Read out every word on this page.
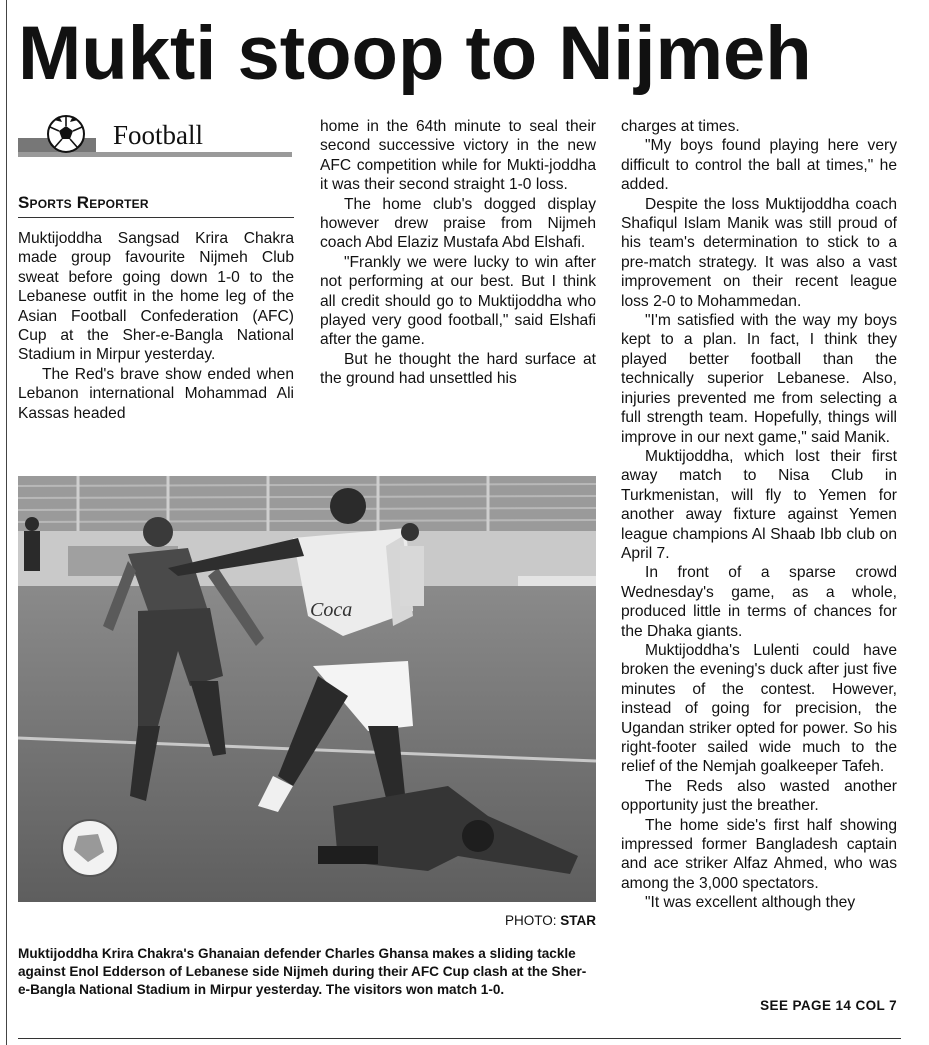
Mukti stoop to Nijmeh
Football
Sports Reporter

Muktijoddha Sangsad Krira Chakra made group favourite Nijmeh Club sweat before going down 1-0 to the Lebanese outfit in the home leg of the Asian Football Confederation (AFC) Cup at the Sher-e-Bangla National Stadium in Mirpur yesterday.

The Red's brave show ended when Lebanon international Mohammad Ali Kassas headed

home in the 64th minute to seal their second successive victory in the new AFC competition while for Mukti-joddha it was their second straight 1-0 loss.

The home club's dogged display however drew praise from Nijmeh coach Abd Elaziz Mustafa Abd Elshafi.

"Frankly we were lucky to win after not performing at our best. But I think all credit should go to Muktijoddha who played very good football," said Elshafi after the game.

But he thought the hard surface at the ground had unsettled his

charges at times.

"My boys found playing here very difficult to control the ball at times," he added.

Despite the loss Muktijoddha coach Shafiqul Islam Manik was still proud of his team's determination to stick to a pre-match strategy. It was also a vast improvement on their recent league loss 2-0 to Mohammedan.

"I'm satisfied with the way my boys kept to a plan. In fact, I think they played better football than the technically superior Lebanese. Also, injuries prevented me from selecting a full strength team. Hopefully, things will improve in our next game," said Manik.

Muktijoddha, which lost their first away match to Nisa Club in Turkmenistan, will fly to Yemen for another away fixture against Yemen league champions Al Shaab Ibb club on April 7.

In front of a sparse crowd Wednesday's game, as a whole, produced little in terms of chances for the Dhaka giants.

Muktijoddha's Lulenti could have broken the evening's duck after just five minutes of the contest. However, instead of going for precision, the Ugandan striker opted for power. So his right-footer sailed wide much to the relief of the Nemjah goalkeeper Tafeh.

The Reds also wasted another opportunity just the breather.

The home side's first half showing impressed former Bangladesh captain and ace striker Alfaz Ahmed, who was among the 3,000 spectators.

"It was excellent although they

Coca
PHOTO: STAR
Muktijoddha Krira Chakra's Ghanaian defender Charles Ghansa makes a sliding tackle against Enol Edderson of Lebanese side Nijmeh during their AFC Cup clash at the Sher-e-Bangla National Stadium in Mirpur yesterday. The visitors won match 1-0.
SEE PAGE 14 COL 7
